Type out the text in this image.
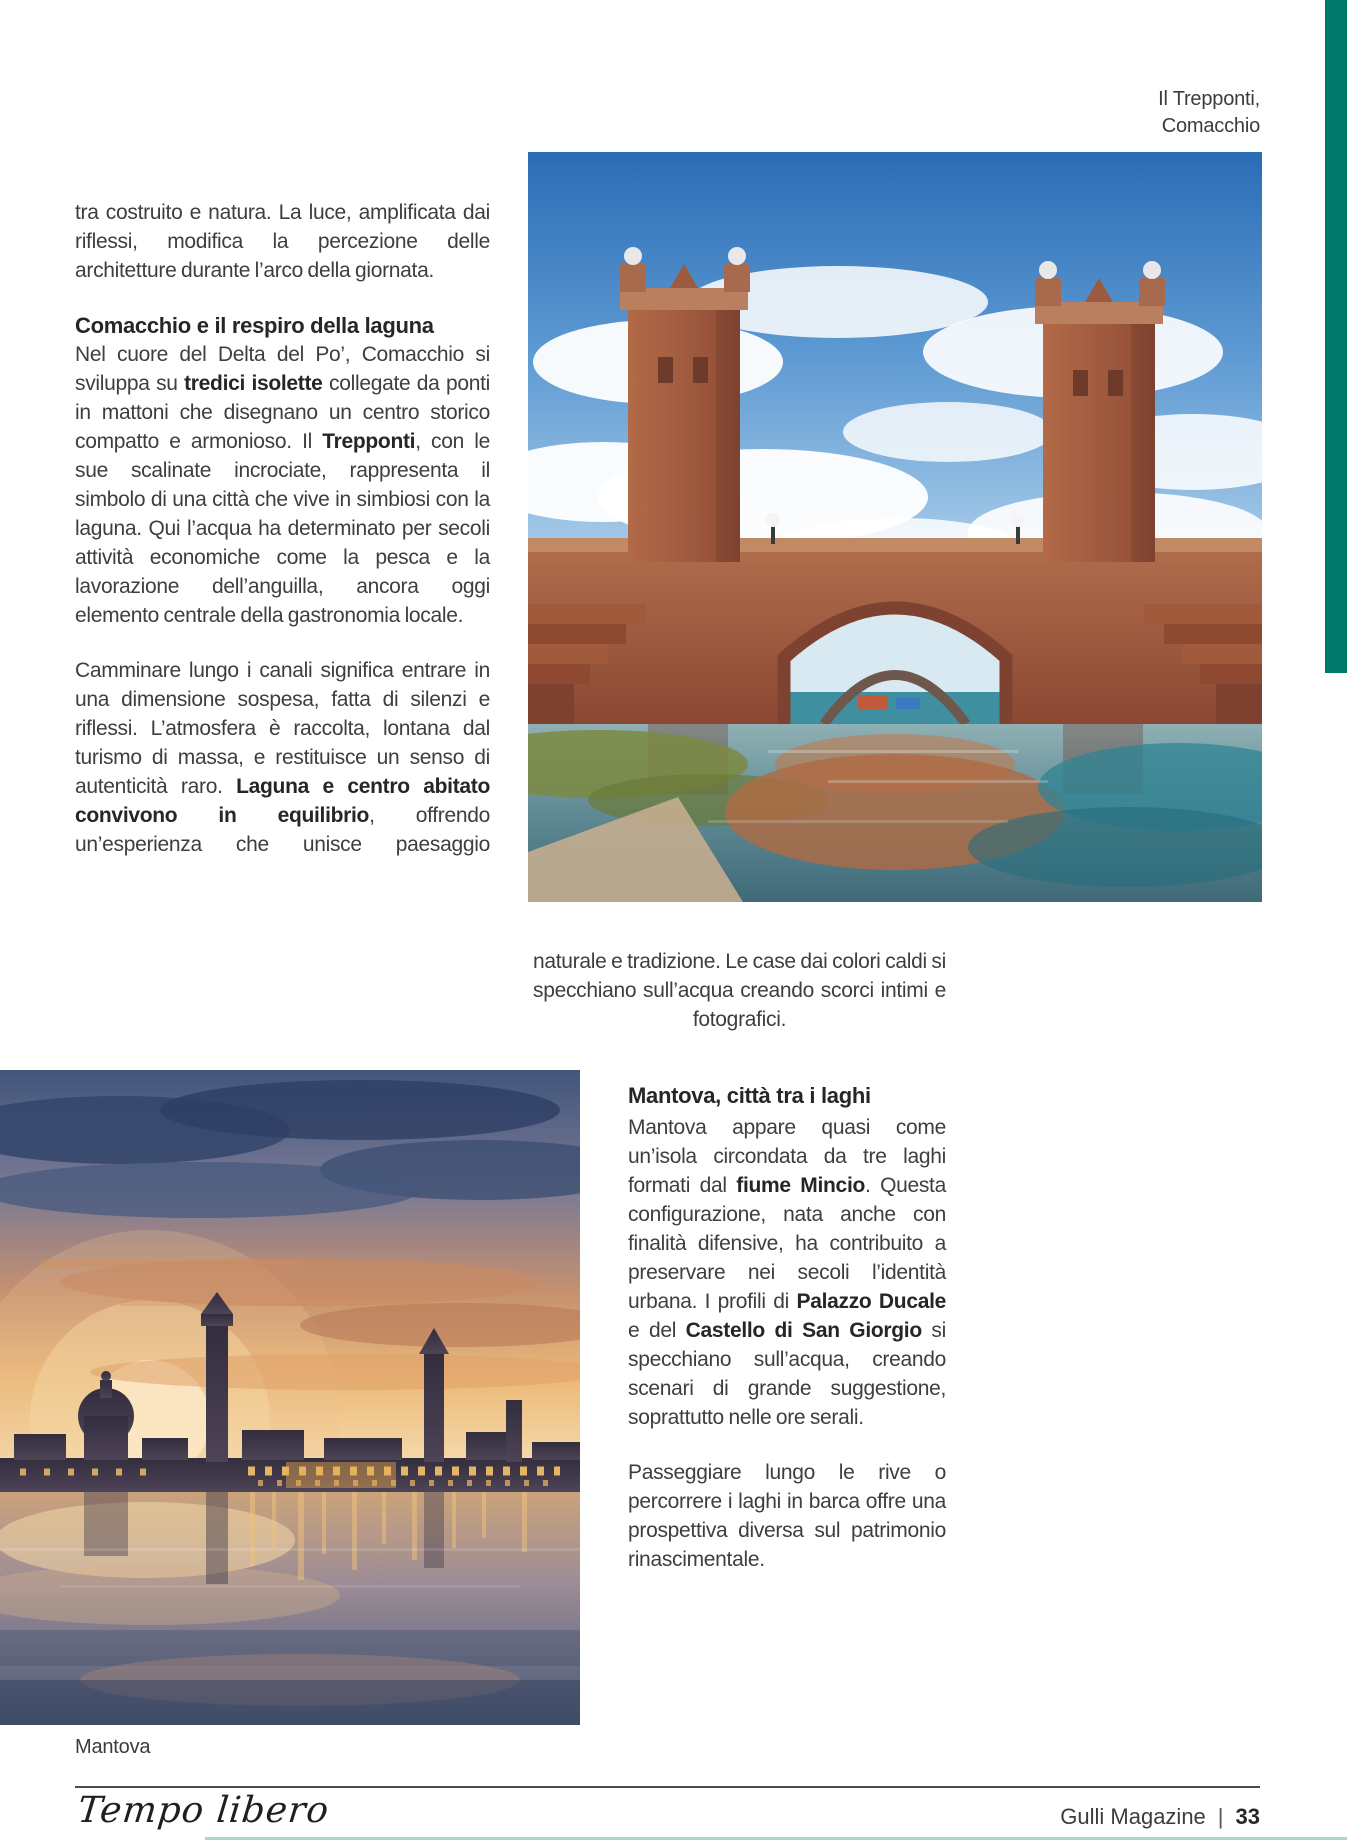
Il Trepponti,
Comacchio

tra costruito e natura. La luce, amplificata dai riflessi, modifica la percezione delle architetture durante l’arco della giornata.

Comacchio e il respiro della laguna

Nel cuore del Delta del Po’, Comacchio si sviluppa su tredici isolette collegate da ponti in mattoni che disegnano un centro storico compatto e armonioso. Il Trepponti, con le sue scalinate incrociate, rappresenta il simbolo di una città che vive in simbiosi con la laguna. Qui l’acqua ha determinato per secoli attività economiche come la pesca e la lavorazione dell’anguilla, ancora oggi elemento centrale della gastronomia locale.

Camminare lungo i canali significa entrare in una dimensione sospesa, fatta di silenzi e riflessi. L’atmosfera è raccolta, lontana dal turismo di massa, e restituisce un senso di autenticità raro. Laguna e centro abitato convivono in equilibrio, offrendo un’esperienza che unisce paesaggio

naturale e tradizione. Le case dai colori caldi si specchiano sull’acqua creando scorci intimi e fotografici.

Mantova, città tra i laghi

Mantova appare quasi come un’isola circondata da tre laghi formati dal fiume Mincio. Questa configurazione, nata anche con finalità difensive, ha contribuito a preservare nei secoli l’identità urbana. I profili di Palazzo Ducale e del Castello di San Giorgio si specchiano sull’acqua, creando scenari di grande suggestione, soprattutto nelle ore serali.

Passeggiare lungo le rive o percorrere i laghi in barca offre una prospettiva diversa sul patrimonio rinascimentale.

Mantova
Tempo libero	Gulli Magazine | 33
